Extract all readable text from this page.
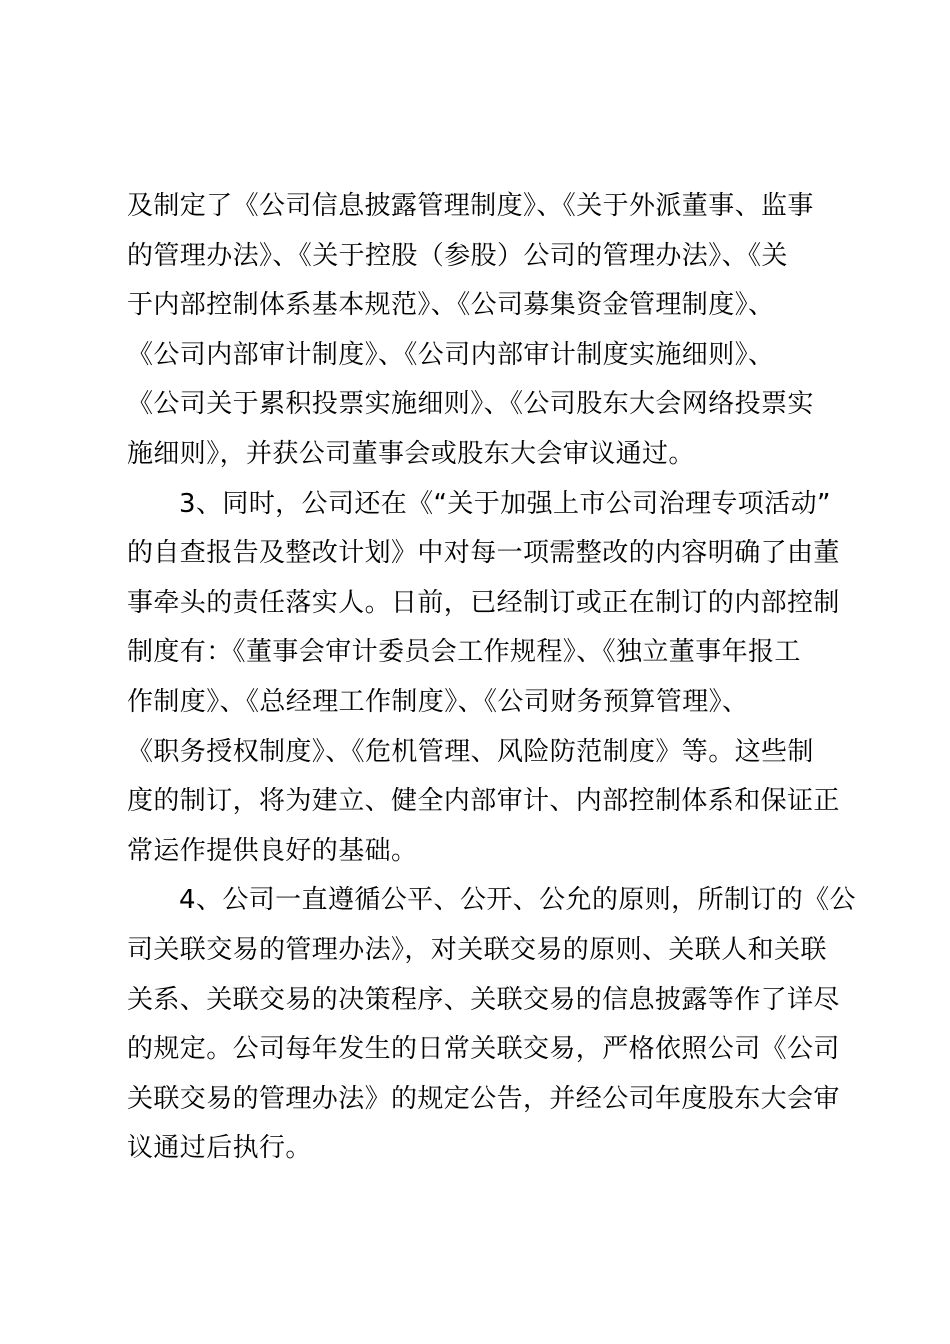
及制定了《公司信息披露管理制度》、《关于外派董事、监事
的管理办法》、《关于控股（参股）公司的管理办法》、《关
于内部控制体系基本规范》、《公司募集资金管理制度》、
《公司内部审计制度》、《公司内部审计制度实施细则》、
《公司关于累积投票实施细则》、《公司股东大会网络投票实
施细则》，并获公司董事会或股东大会审议通过。
3、同时，公司还在《“关于加强上市公司治理专项活动”
的自查报告及整改计划》中对每一项需整改的内容明确了由董
事牵头的责任落实人。日前，已经制订或正在制订的内部控制
制度有：《董事会审计委员会工作规程》、《独立董事年报工
作制度》、《总经理工作制度》、《公司财务预算管理》、
《职务授权制度》、《危机管理、风险防范制度》等。这些制
度的制订，将为建立、健全内部审计、内部控制体系和保证正
常运作提供良好的基础。
4、公司一直遵循公平、公开、公允的原则，所制订的《公
司关联交易的管理办法》，对关联交易的原则、关联人和关联
关系、关联交易的决策程序、关联交易的信息披露等作了详尽
的规定。公司每年发生的日常关联交易，严格依照公司《公司
关联交易的管理办法》的规定公告，并经公司年度股东大会审
议通过后执行。
